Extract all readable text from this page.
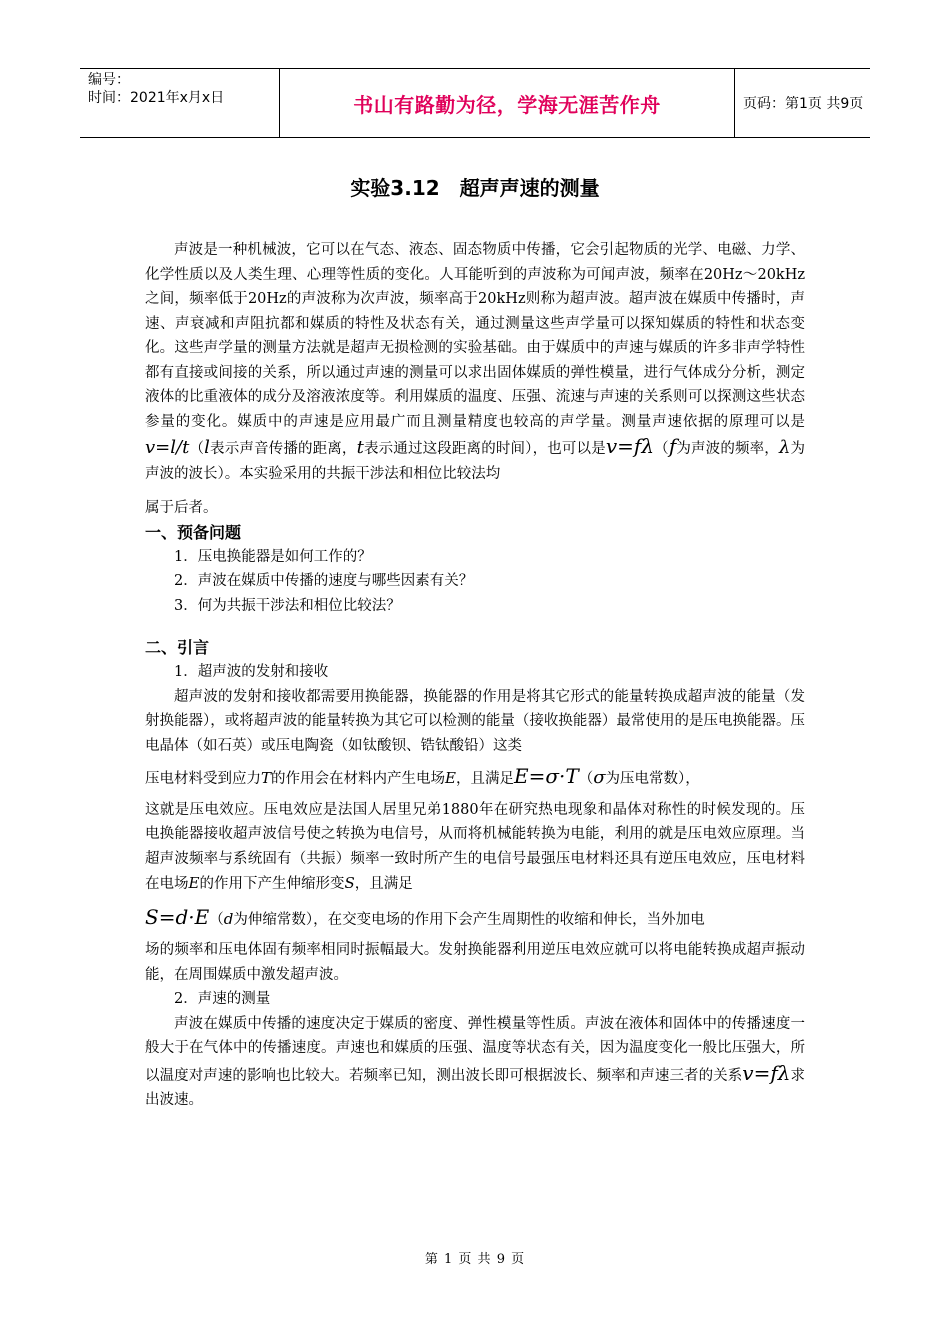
编号：
时间：2021年x月x日	书山有路勤为径，学海无涯苦作舟	页码：第1页 共9页
实验3.12　超声声速的测量

声波是一种机械波，它可以在气态、液态、固态物质中传播，它会引起物质的光学、电磁、力学、化学性质以及人类生理、心理等性质的变化。人耳能听到的声波称为可闻声波，频率在20Hz～20kHz之间，频率低于20Hz的声波称为次声波，频率高于20kHz则称为超声波。超声波在媒质中传播时，声速、声衰减和声阻抗都和媒质的特性及状态有关，通过测量这些声学量可以探知媒质的特性和状态变化。这些声学量的测量方法就是超声无损检测的实验基础。由于媒质中的声速与媒质的许多非声学特性都有直接或间接的关系，所以通过声速的测量可以求出固体媒质的弹性模量，进行气体成分分析，测定液体的比重液体的成分及溶液浓度等。利用媒质的温度、压强、流速与声速的关系则可以探测这些状态参量的变化。媒质中的声速是应用最广而且测量精度也较高的声学量。测量声速依据的原理可以是v=l/t（l表示声音传播的距离，t表示通过这段距离的时间），也可以是v=fλ（f为声波的频率，λ为声波的波长）。本实验采用的共振干涉法和相位比较法均

属于后者。

一、预备问题

1．压电换能器是如何工作的？

2．声波在媒质中传播的速度与哪些因素有关？

3．何为共振干涉法和相位比较法？

二、引言

1．超声波的发射和接收

超声波的发射和接收都需要用换能器，换能器的作用是将其它形式的能量转换成超声波的能量（发射换能器），或将超声波的能量转换为其它可以检测的能量（接收换能器）最常使用的是压电换能器。压电晶体（如石英）或压电陶瓷（如钛酸钡、锆钛酸铅）这类

压电材料受到应力T的作用会在材料内产生电场E，且满足E=σ·T（σ为压电常数），

这就是压电效应。压电效应是法国人居里兄弟1880年在研究热电现象和晶体对称性的时候发现的。压电换能器接收超声波信号使之转换为电信号，从而将机械能转换为电能，利用的就是压电效应原理。当超声波频率与系统固有（共振）频率一致时所产生的电信号最强压电材料还具有逆压电效应，压电材料在电场E的作用下产生伸缩形变S，且满足

S=d·E（d为伸缩常数），在交变电场的作用下会产生周期性的收缩和伸长，当外加电

场的频率和压电体固有频率相同时振幅最大。发射换能器利用逆压电效应就可以将电能转换成超声振动能，在周围媒质中激发超声波。

2．声速的测量

声波在媒质中传播的速度决定于媒质的密度、弹性模量等性质。声波在液体和固体中的传播速度一般大于在气体中的传播速度。声速也和媒质的压强、温度等状态有关，因为温度变化一般比压强大，所以温度对声速的影响也比较大。若频率已知，测出波长即可根据波长、频率和声速三者的关系v=fλ求出波速。

第 1 页 共 9 页
